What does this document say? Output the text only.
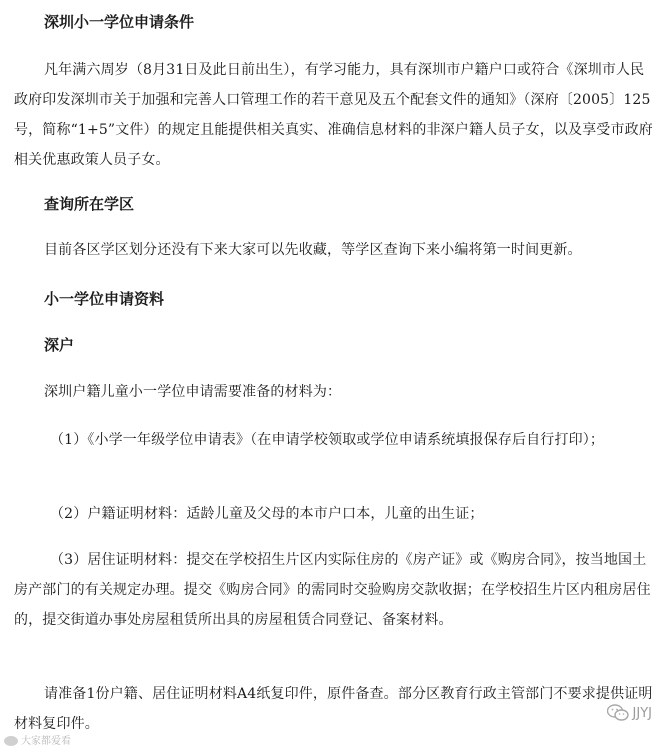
深圳小一学位申请条件

凡年满六周岁（8月31日及此日前出生），有学习能力，具有深圳市户籍户口或符合《深圳市人民政府印发深圳市关于加强和完善人口管理工作的若干意见及五个配套文件的通知》（深府〔2005〕125号，简称“1+5”文件）的规定且能提供相关真实、准确信息材料的非深户籍人员子女，以及享受市政府相关优惠政策人员子女。

查询所在学区

目前各区学区划分还没有下来大家可以先收藏，等学区查询下来小编将第一时间更新。

小一学位申请资料
深户

深圳户籍儿童小一学位申请需要准备的材料为：

（1）《小学一年级学位申请表》（在申请学校领取或学位申请系统填报保存后自行打印）；

（2）户籍证明材料：适龄儿童及父母的本市户口本，儿童的出生证；

（3）居住证明材料：提交在学校招生片区内实际住房的《房产证》或《购房合同》，按当地国土房产部门的有关规定办理。提交《购房合同》的需同时交验购房交款收据；在学校招生片区内租房居住的，提交街道办事处房屋租赁所出具的房屋租赁合同登记、备案材料。

请准备1份户籍、居住证明材料A4纸复印件，原件备查。部分区教育行政主管部门不要求提供证明材料复印件。

JJYJ
大家都爱看
